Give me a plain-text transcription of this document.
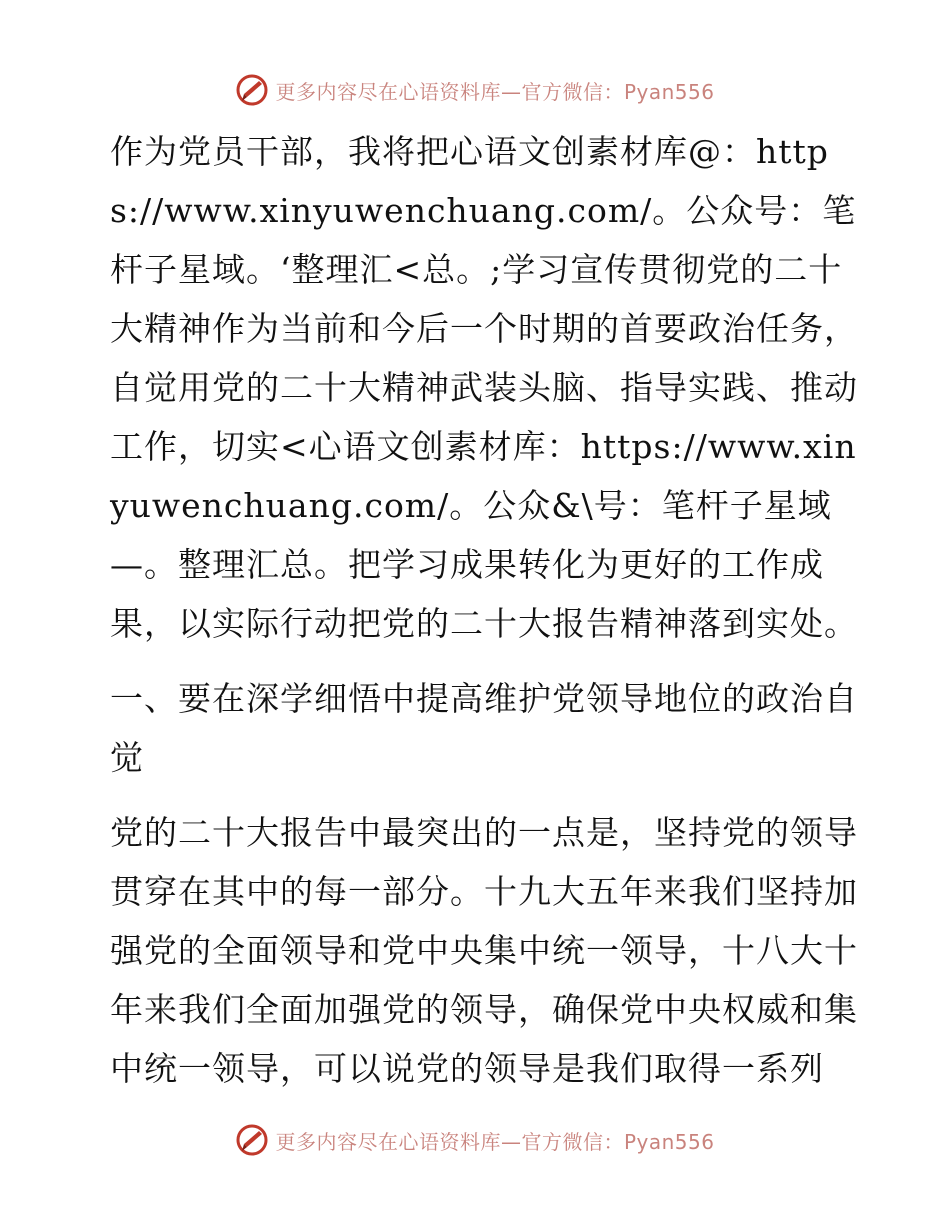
更多内容尽在心语资料库—官方微信：Pyan556

作为党员干部，我将把心语文创素材库@：https://www.xinyuwenchuang.com/。公众号：笔杆子星域。‘整理汇<总。;学习宣传贯彻党的二十大精神作为当前和今后一个时期的首要政治任务，自觉用党的二十大精神武装头脑、指导实践、推动工作，切实<心语文创素材库：https://www.xinyuwenchuang.com/。公众&\号：笔杆子星域—。整理汇总。把学习成果转化为更好的工作成果，以实际行动把党的二十大报告精神落到实处。

一、要在深学细悟中提高维护党领导地位的政治自觉

党的二十大报告中最突出的一点是，坚持党的领导贯穿在其中的每一部分。十九大五年来我们坚持加强党的全面领导和党中央集中统一领导，十八大十年来我们全面加强党的领导，确保党中央权威和集中统一领导，可以说党的领导是我们取得一系列

更多内容尽在心语资料库—官方微信：Pyan556
